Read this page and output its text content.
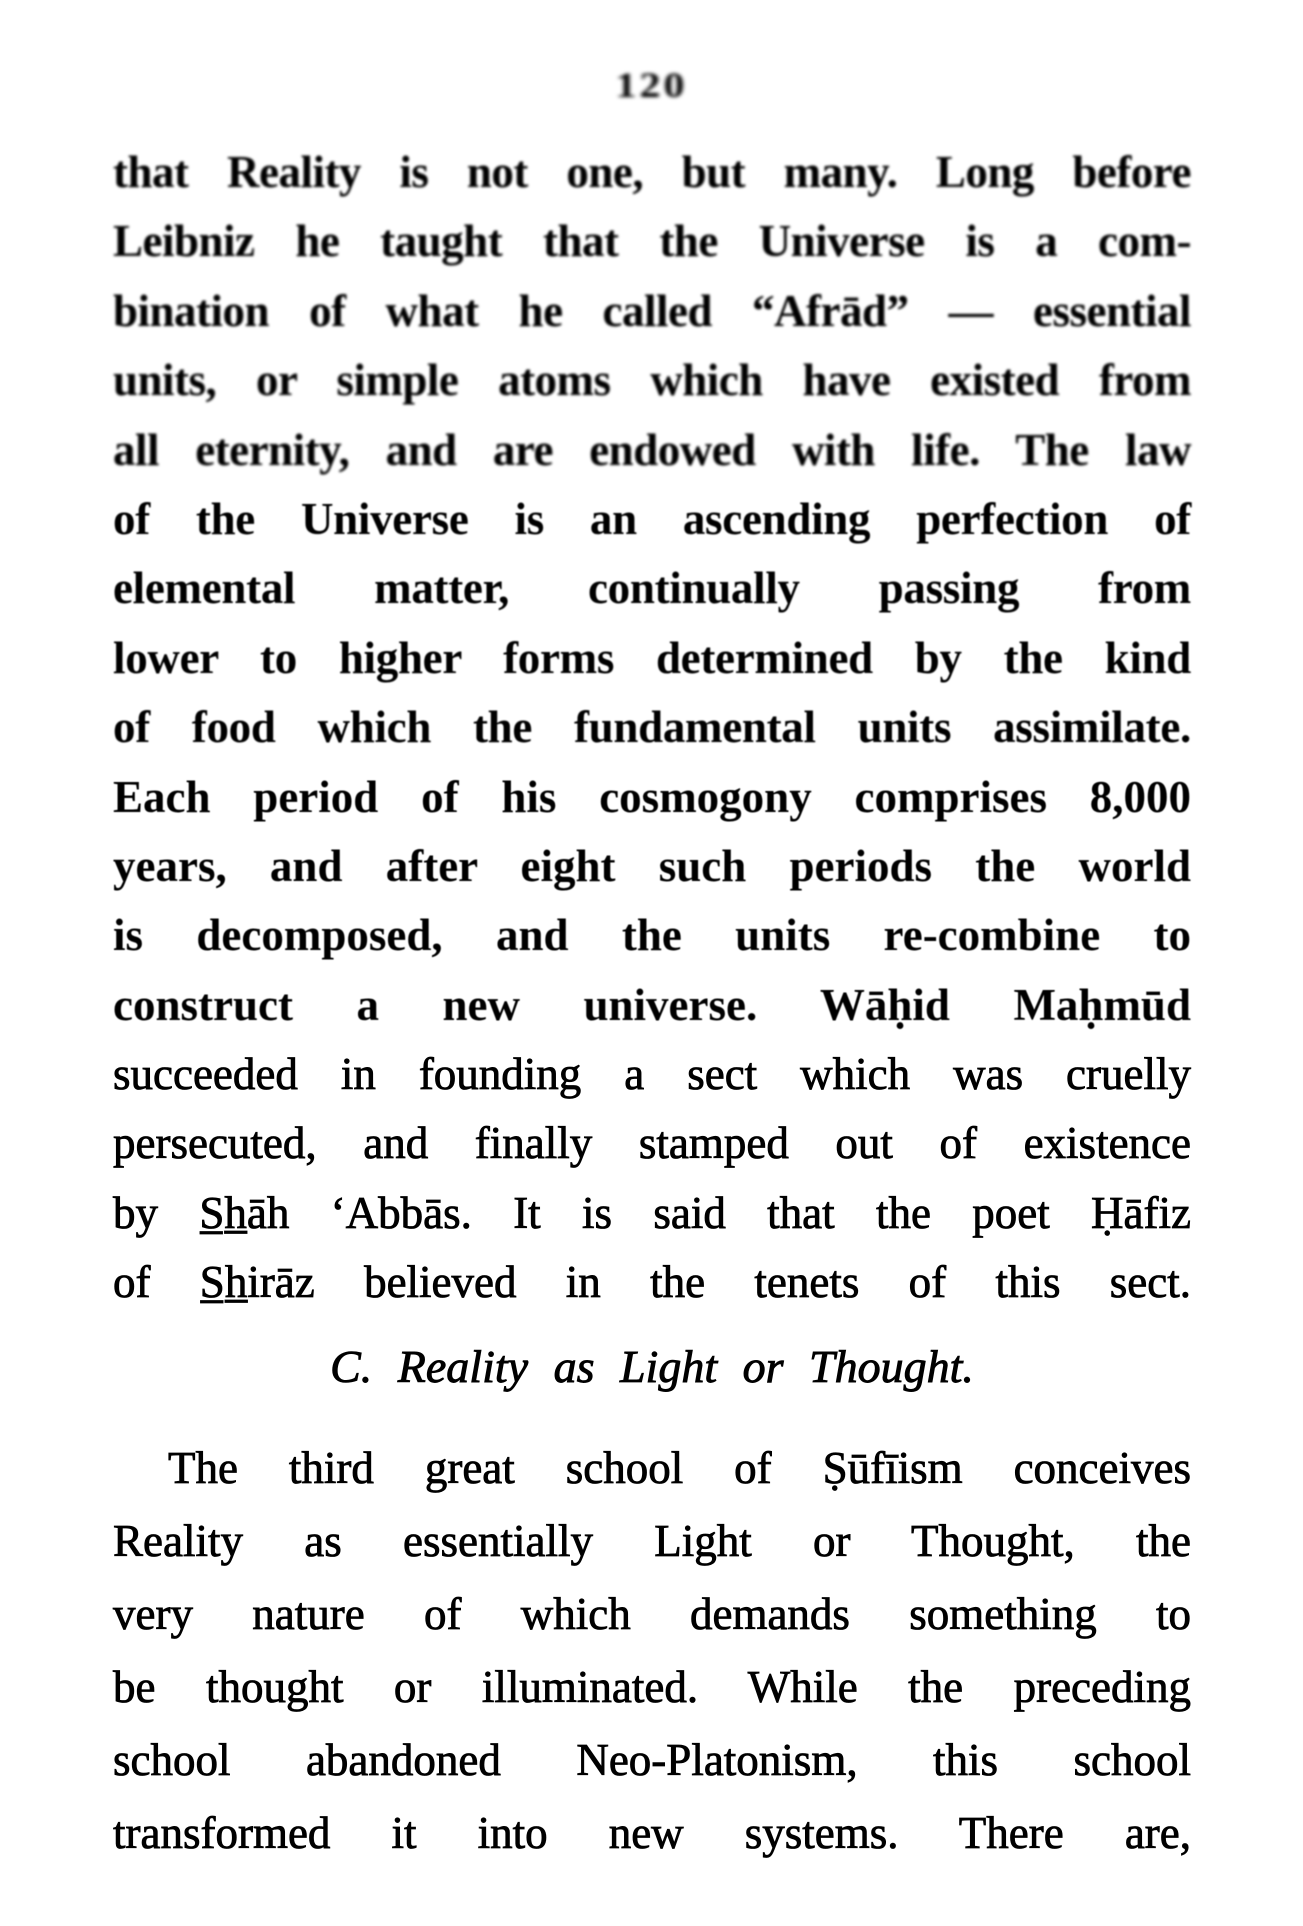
120
that Reality is not one, but many. Long before
Leibniz he taught that the Universe is a com-
bination of what he called “Afrād” — essential
units, or simple atoms which have existed from
all eternity, and are endowed with life. The law
of the Universe is an ascending perfection of
elemental matter, continually passing from
lower to higher forms determined by the kind
of food which the fundamental units assimilate.
Each period of his cosmogony comprises 8,000
years, and after eight such periods the world
is decomposed, and the units re-combine to
construct a new universe. Wāḥid Maḥmūd
succeeded in founding a sect which was cruelly
persecuted, and finally stamped out of existence
by S̲h̲āh ‘Abbās. It is said that the poet Ḥāfiz
of S̲h̲irāz believed in the tenets of this sect.
C. Reality as Light or Thought.
The third great school of Ṣūfīism conceives
Reality as essentially Light or Thought, the
very nature of which demands something to
be thought or illuminated. While the preceding
school abandoned Neo-Platonism, this school
transformed it into new systems. There are,
